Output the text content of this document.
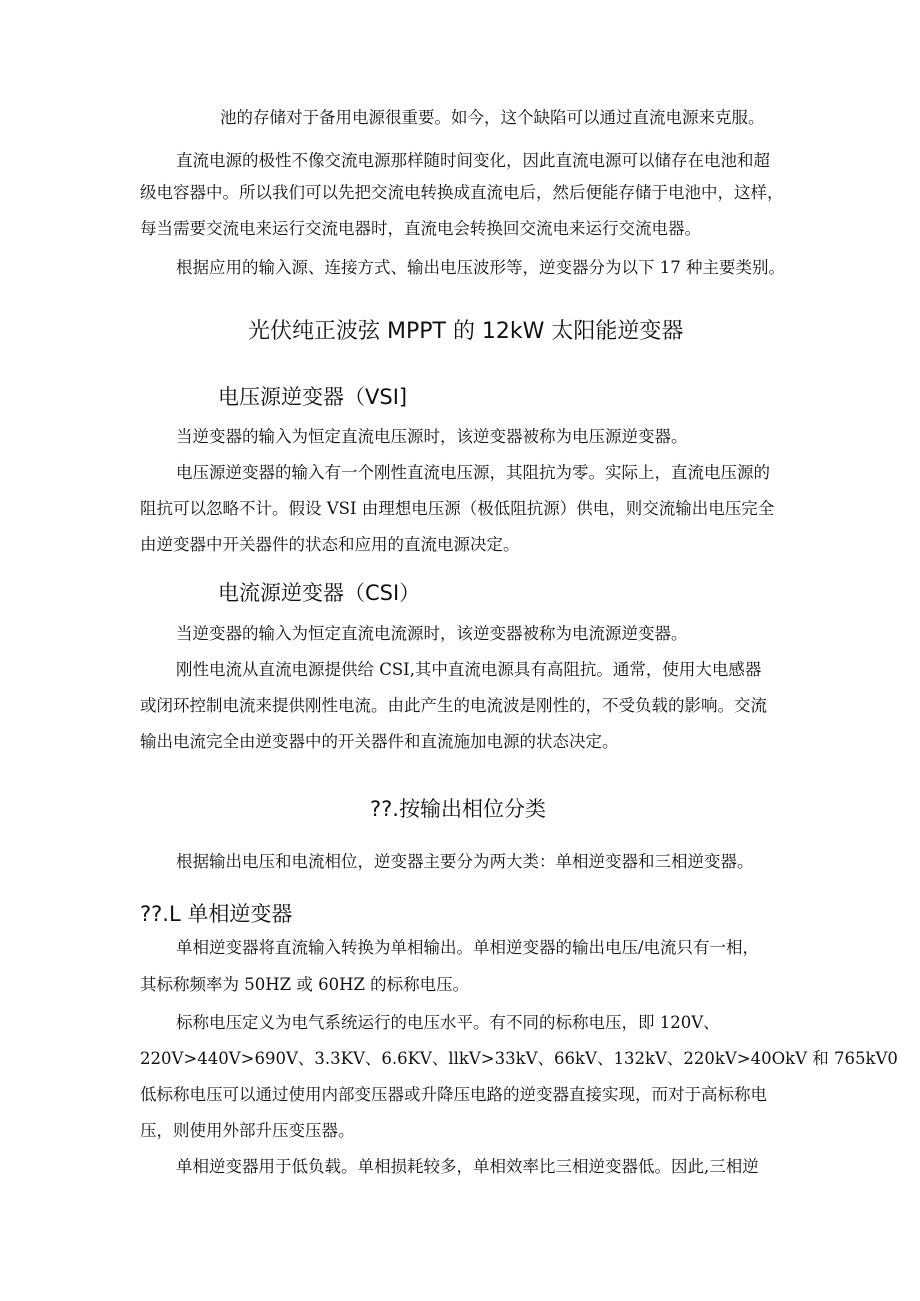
池的存储对于备用电源很重要。如今，这个缺陷可以通过直流电源来克服。
直流电源的极性不像交流电源那样随时间变化，因此直流电源可以储存在电池和超
级电容器中。所以我们可以先把交流电转换成直流电后，然后便能存储于电池中，这样，
每当需要交流电来运行交流电器时，直流电会转换回交流电来运行交流电器。
根据应用的输入源、连接方式、输出电压波形等，逆变器分为以下 17 种主要类别。
光伏纯正波弦 MPPT 的 12kW 太阳能逆变器
电压源逆变器（VSI]
当逆变器的输入为恒定直流电压源时，该逆变器被称为电压源逆变器。
电压源逆变器的输入有一个刚性直流电压源，其阻抗为零。实际上，直流电压源的
阻抗可以忽略不计。假设 VSI 由理想电压源（极低阻抗源）供电，则交流输出电压完全
由逆变器中开关器件的状态和应用的直流电源决定。
电流源逆变器（CSI）
当逆变器的输入为恒定直流电流源时，该逆变器被称为电流源逆变器。
刚性电流从直流电源提供给 CSI,其中直流电源具有高阻抗。通常，使用大电感器
或闭环控制电流来提供刚性电流。由此产生的电流波是刚性的，不受负载的影响。交流
输出电流完全由逆变器中的开关器件和直流施加电源的状态决定。
??.按输出相位分类
根据输出电压和电流相位，逆变器主要分为两大类：单相逆变器和三相逆变器。
??.L 单相逆变器
单相逆变器将直流输入转换为单相输出。单相逆变器的输出电压/电流只有一相，
其标称频率为 50HZ 或 60HZ 的标称电压。
标称电压定义为电气系统运行的电压水平。有不同的标称电压，即 120V、
220V>440V>690V、3.3KV、6.6KV、llkV>33kV、66kV、132kV、220kV>40OkV 和 765kV0
低标称电压可以通过使用内部变压器或升降压电路的逆变器直接实现，而对于高标称电
压，则使用外部升压变压器。
单相逆变器用于低负载。单相损耗较多，单相效率比三相逆变器低。因此,三相逆
